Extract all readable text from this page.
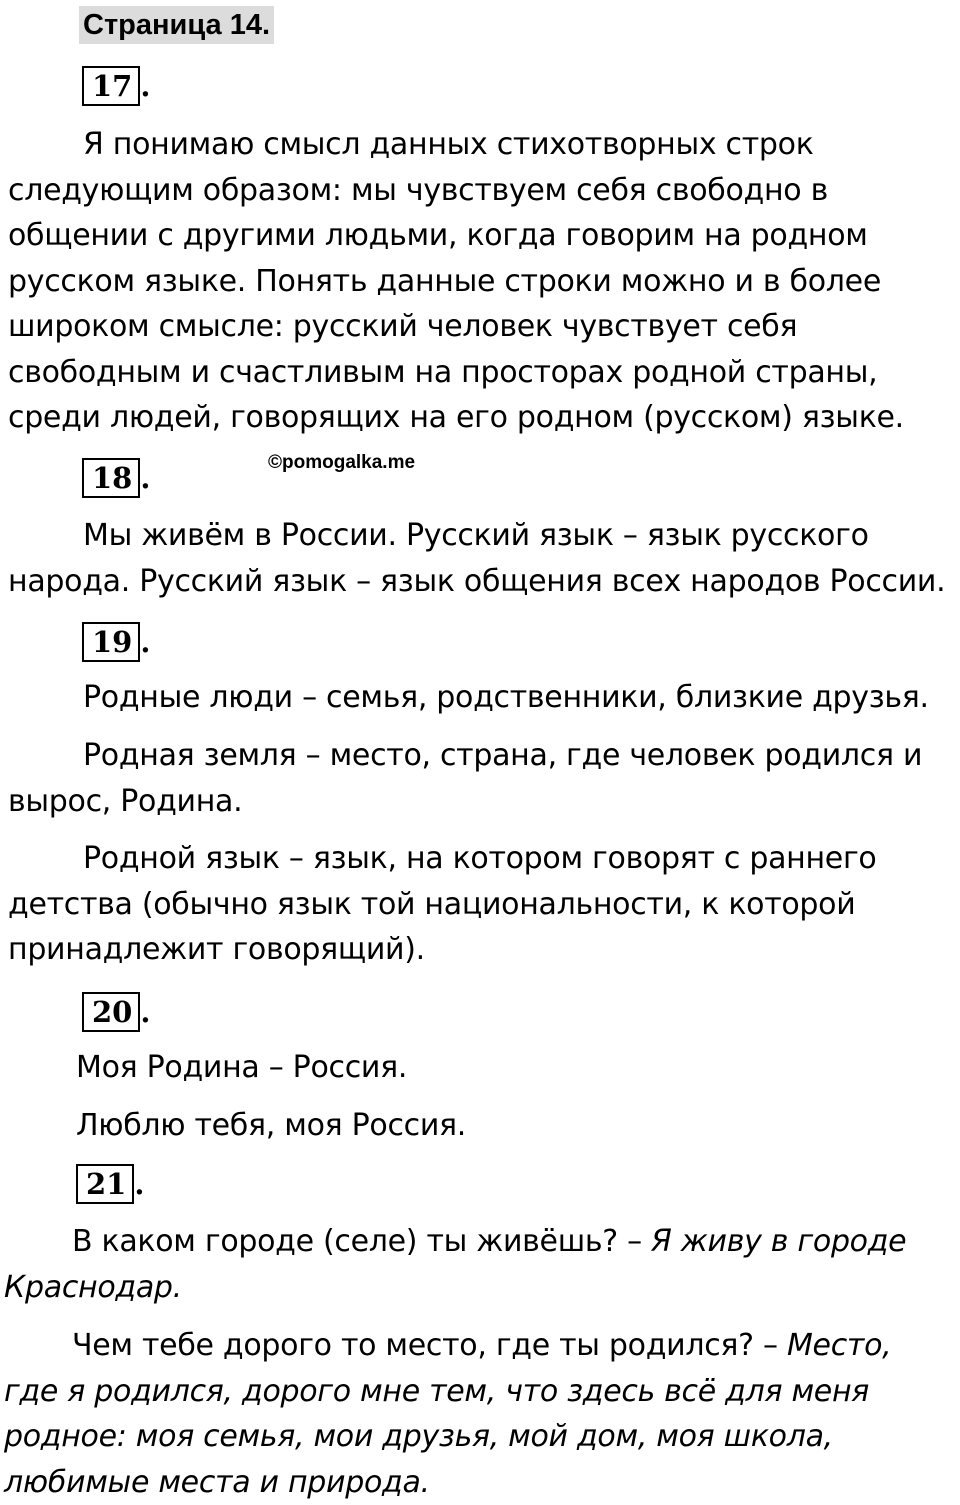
Страница 14.
17 .
Я понимаю смысл данных стихотворных строк следующим образом: мы чувствуем себя свободно в общении с другими людьми, когда говорим на родном русском языке. Понять данные строки можно и в более широком смысле: русский человек чувствует себя свободным и счастливым на просторах родной страны, среди людей, говорящих на его родном (русском) языке.
18 .	©pomogalka.me
Мы живём в России. Русский язык – язык русского народа. Русский язык – язык общения всех народов России.
19 .
Родные люди – семья, родственники, близкие друзья.
Родная земля – место, страна, где человек родился и вырос, Родина.
Родной язык – язык, на котором говорят с раннего детства (обычно язык той национальности, к которой принадлежит говорящий).
20 .
Моя Родина – Россия.
Люблю тебя, моя Россия.
21 .
В каком городе (селе) ты живёшь? – Я живу в городе Краснодар.
Чем тебе дорого то место, где ты родился? – Место, где я родился, дорого мне тем, что здесь всё для меня родное: моя семья, мои друзья, мой дом, моя школа, любимые места и природа.
